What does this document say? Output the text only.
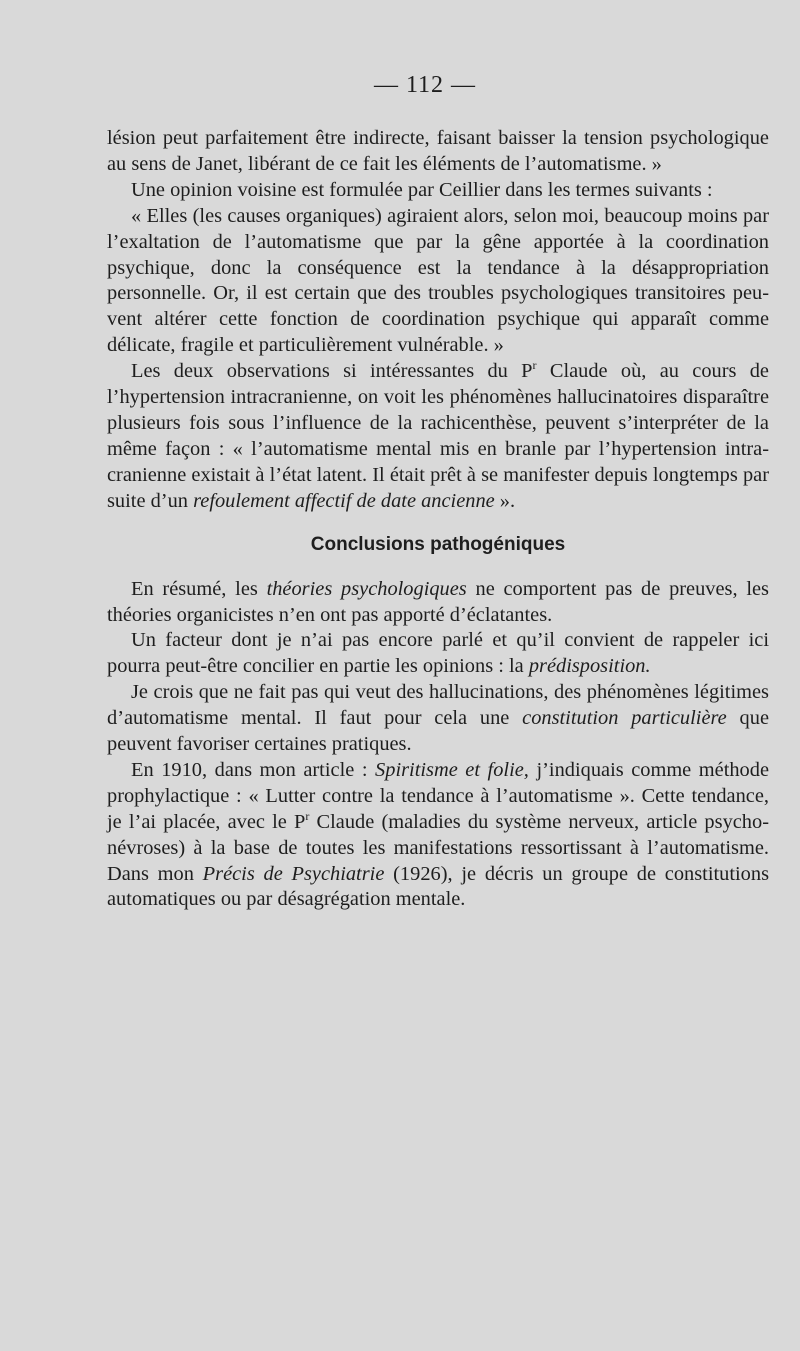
— 112 —

lésion peut parfaitement être indirecte, faisant baisser la tension psychologique au sens de Janet, libérant de ce fait les éléments de l’automatisme. »

Une opinion voisine est formulée par Ceillier dans les termes suivants :

« Elles (les causes organiques) agiraient alors, selon moi, beaucoup moins par l’exaltation de l’automatisme que par la gêne apportée à la coordination psychique, donc la conséquence est la tendance à la désappropriation personnelle. Or, il est certain que des troubles psychologiques transitoires peuvent altérer cette fonction de coordination psychique qui apparaît comme délicate, fragile et particulièrement vulnérable. »

Les deux observations si intéressantes du $P^r$ Claude où, au cours de l’hypertension intracranienne, on voit les phénomènes hallucinatoires disparaître plusieurs fois sous l’influence de la rachicenthèse, peuvent s’interpréter de la même façon : « l’automatisme mental mis en branle par l’hypertension intracranienne existait à l’état latent. Il était prêt à se manifester depuis longtemps par suite d’un refoulement affectif de date ancienne ».

Conclusions pathogéniques

En résumé, les théories psychologiques ne comportent pas de preuves, les théories organicistes n’en ont pas apporté d’éclatantes.

Un facteur dont je n’ai pas encore parlé et qu’il convient de rappeler ici pourra peut-être concilier en partie les opinions : la prédisposition.

Je crois que ne fait pas qui veut des hallucinations, des phénomènes légitimes d’automatisme mental. Il faut pour cela une constitution particulière que peuvent favoriser certaines pratiques.

En 1910, dans mon article : Spiritisme et folie, j’indiquais comme méthode prophylactique : « Lutter contre la tendance à l’automatisme ». Cette tendance, je l’ai placée, avec le $P^r$ Claude (maladies du système nerveux, article psycho-névroses) à la base de toutes les manifestations ressortissant à l’automatisme. Dans mon Précis de Psychiatrie (1926), je décris un groupe de constitutions automatiques ou par désagrégation mentale.
